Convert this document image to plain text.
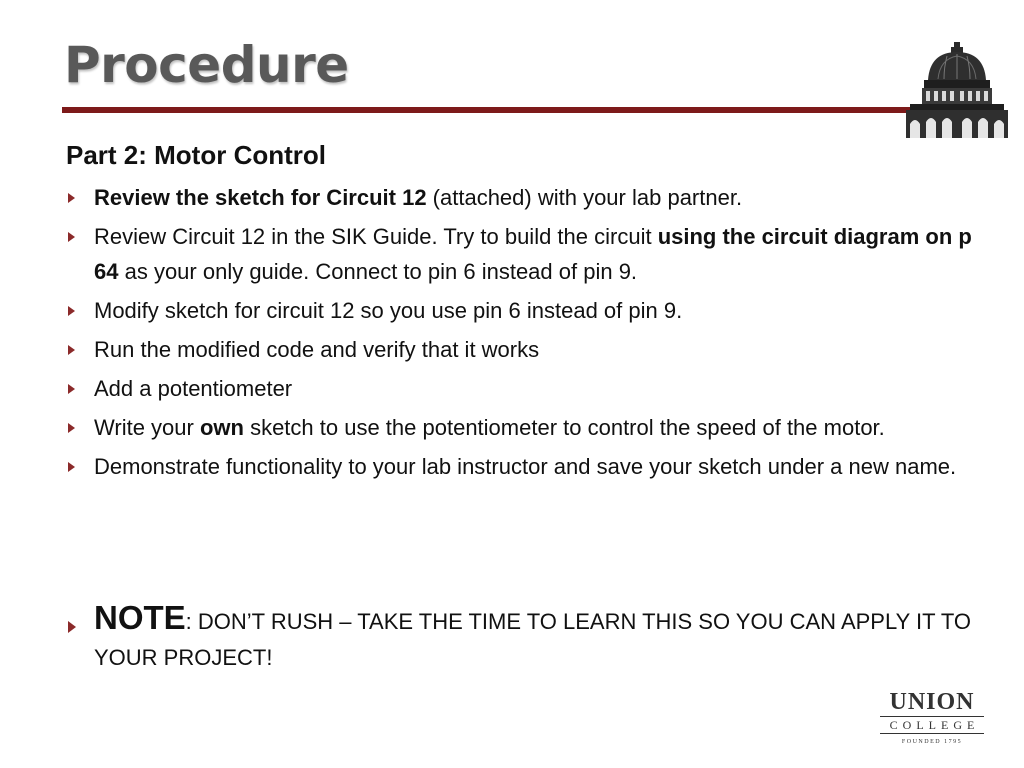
Procedure
Part 2: Motor Control
Review the sketch for Circuit 12 (attached) with your lab partner.
Review Circuit 12 in the SIK Guide. Try to build the circuit using the circuit diagram on p 64 as your only guide. Connect to pin 6 instead of pin 9.
Modify sketch for circuit 12 so you use pin 6 instead of pin 9.
Run the modified code and verify that it works
Add a potentiometer
Write your own sketch to use the potentiometer to control the speed of the motor.
Demonstrate functionality to your lab instructor and save your sketch under a new name.
NOTE: DON’T RUSH – TAKE THE TIME TO LEARN THIS SO YOU CAN APPLY IT TO YOUR PROJECT!
UNION
COLLEGE
FOUNDED 1795
